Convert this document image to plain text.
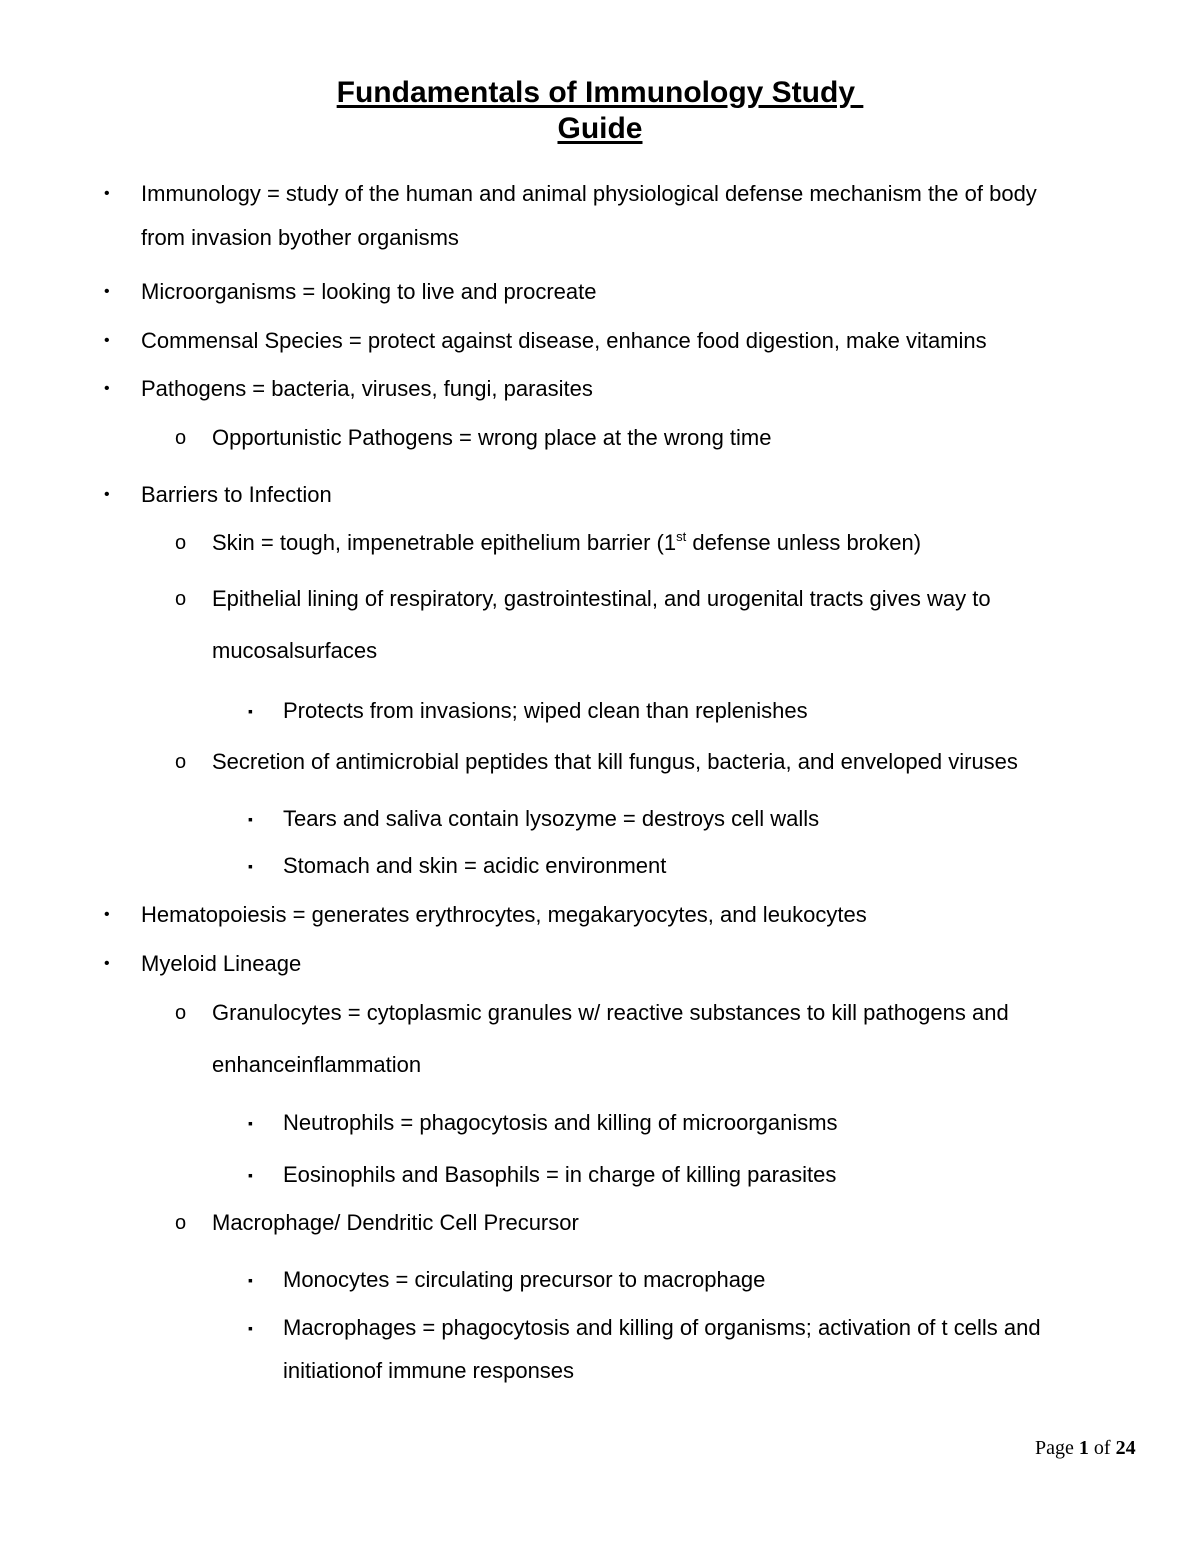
Fundamentals of Immunology Study
Guide
• Immunology = study of the human and animal physiological defense mechanism the of body
from invasion byother organisms
• Microorganisms = looking to live and procreate
• Commensal Species = protect against disease, enhance food digestion, make vitamins
• Pathogens = bacteria, viruses, fungi, parasites
o Opportunistic Pathogens = wrong place at the wrong time
• Barriers to Infection
o Skin = tough, impenetrable epithelium barrier (1st defense unless broken)
o Epithelial lining of respiratory, gastrointestinal, and urogenital tracts gives way to
mucosalsurfaces
▪ Protects from invasions; wiped clean than replenishes
o Secretion of antimicrobial peptides that kill fungus, bacteria, and enveloped viruses
▪ Tears and saliva contain lysozyme = destroys cell walls
▪ Stomach and skin = acidic environment
• Hematopoiesis = generates erythrocytes, megakaryocytes, and leukocytes
• Myeloid Lineage
o Granulocytes = cytoplasmic granules w/ reactive substances to kill pathogens and
enhanceinflammation
▪ Neutrophils = phagocytosis and killing of microorganisms
▪ Eosinophils and Basophils = in charge of killing parasites
o Macrophage/ Dendritic Cell Precursor
▪ Monocytes = circulating precursor to macrophage
▪ Macrophages = phagocytosis and killing of organisms; activation of t cells and
initiationof immune responses
Page 1 of 24
